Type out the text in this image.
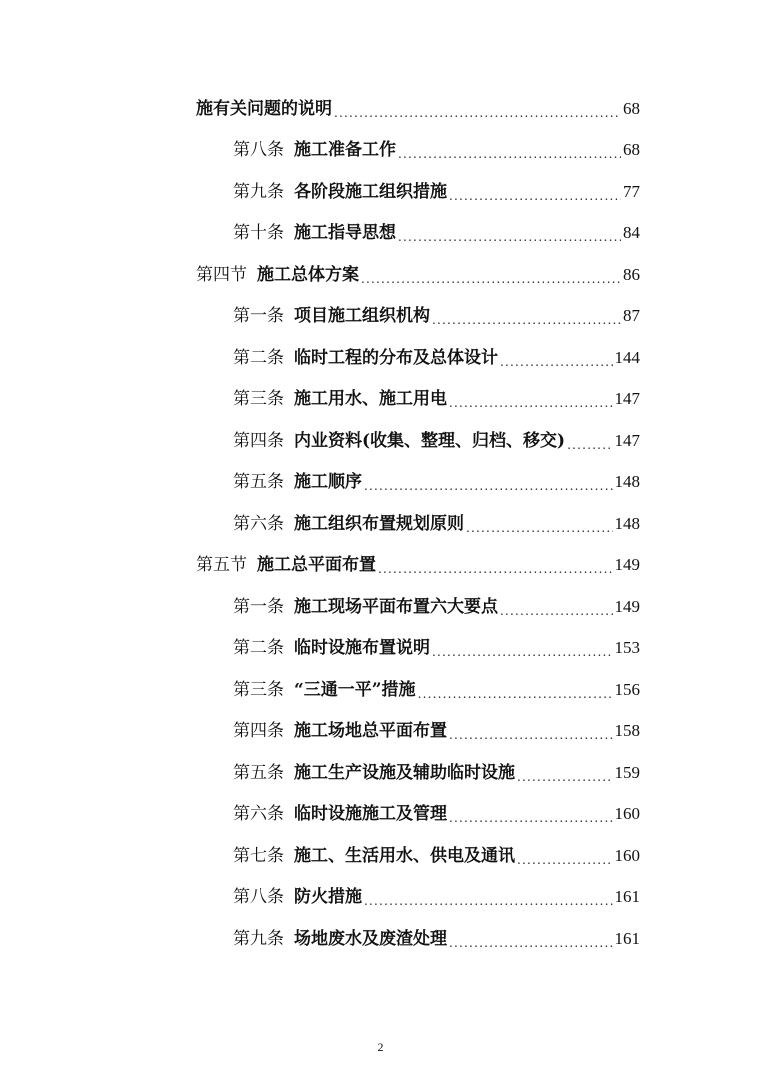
施有关问题的说明 .....	68
第八条 施工准备工作 .....	68
第九条 各阶段施工组织措施 .....	77
第十条 施工指导思想 .....	84
第四节 施工总体方案 .....	86
第一条 项目施工组织机构 .....	87
第二条 临时工程的分布及总体设计 .....	144
第三条 施工用水、施工用电 .....	147
第四条 内业资料(收集、整理、归档、移交) .....	147
第五条 施工顺序 .....	148
第六条 施工组织布置规划原则 .....	148
第五节 施工总平面布置 .....	149
第一条 施工现场平面布置六大要点 .....	149
第二条 临时设施布置说明 .....	153
第三条 “三通一平”措施 .....	156
第四条 施工场地总平面布置 .....	158
第五条 施工生产设施及辅助临时设施 .....	159
第六条 临时设施施工及管理 .....	160
第七条 施工、生活用水、供电及通讯 .....	160
第八条 防火措施 .....	161
第九条 场地废水及废渣处理 .....	161
2
